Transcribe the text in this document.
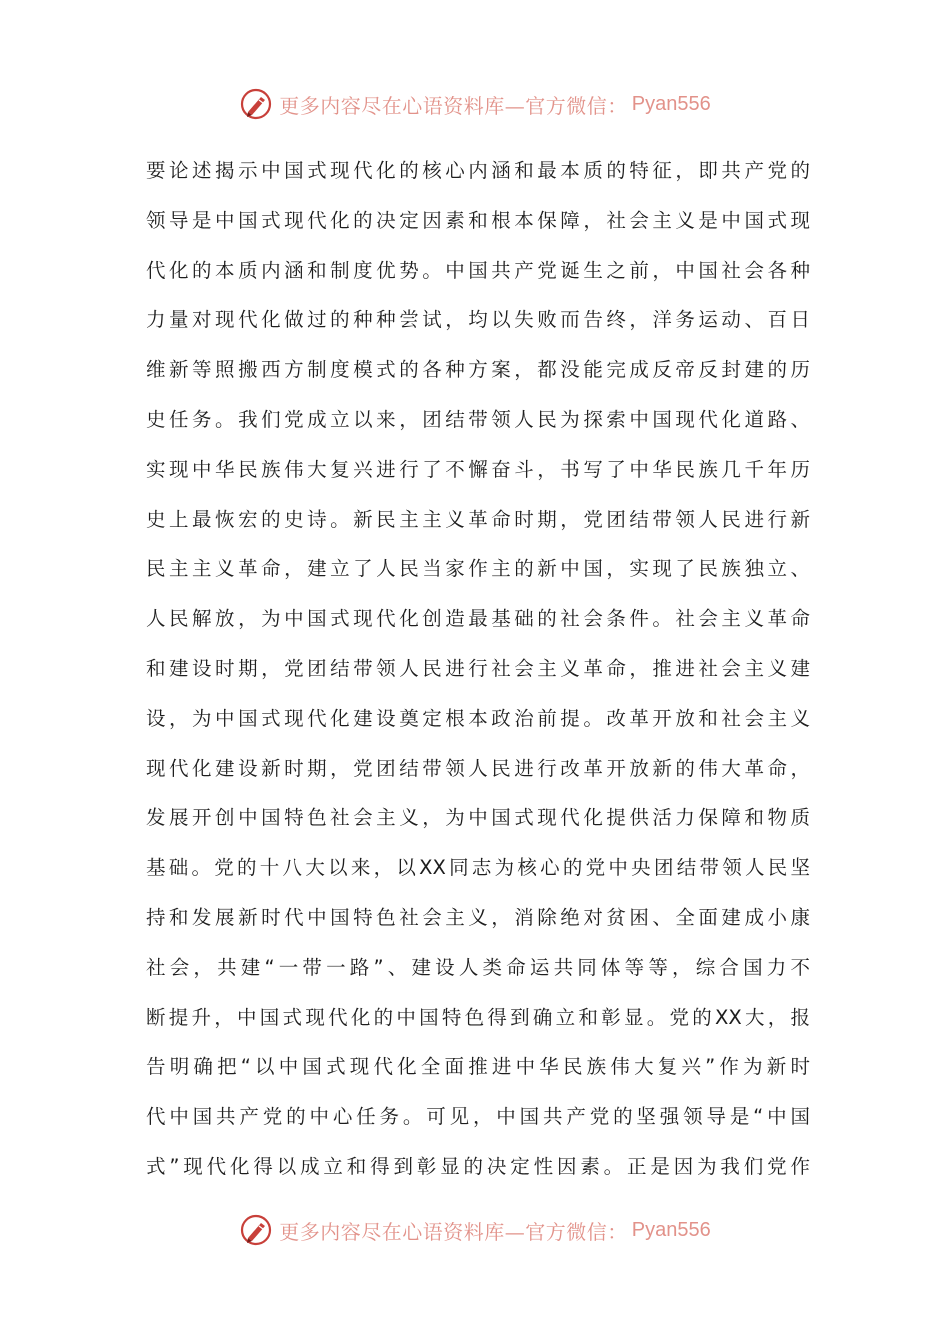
更多内容尽在心语资料库—官方微信： Pyan556
要论述揭示中国式现代化的核心内涵和最本质的特征，即共产党的
领导是中国式现代化的决定因素和根本保障，社会主义是中国式现
代化的本质内涵和制度优势。中国共产党诞生之前，中国社会各种
力量对现代化做过的种种尝试，均以失败而告终，洋务运动、百日
维新等照搬西方制度模式的各种方案，都没能完成反帝反封建的历
史任务。我们党成立以来，团结带领人民为探索中国现代化道路、
实现中华民族伟大复兴进行了不懈奋斗，书写了中华民族几千年历
史上最恢宏的史诗。新民主主义革命时期，党团结带领人民进行新
民主主义革命，建立了人民当家作主的新中国，实现了民族独立、
人民解放，为中国式现代化创造最基础的社会条件。社会主义革命
和建设时期，党团结带领人民进行社会主义革命，推进社会主义建
设，为中国式现代化建设奠定根本政治前提。改革开放和社会主义
现代化建设新时期，党团结带领人民进行改革开放新的伟大革命，
发展开创中国特色社会主义，为中国式现代化提供活力保障和物质
基础。党的十八大以来，以XX同志为核心的党中央团结带领人民坚
持和发展新时代中国特色社会主义，消除绝对贫困、全面建成小康
社会，共建“一带一路”、建设人类命运共同体等等，综合国力不
断提升，中国式现代化的中国特色得到确立和彰显。党的XX大，报
告明确把“以中国式现代化全面推进中华民族伟大复兴”作为新时
代中国共产党的中心任务。可见，中国共产党的坚强领导是“中国
式”现代化得以成立和得到彰显的决定性因素。正是因为我们党作
更多内容尽在心语资料库—官方微信： Pyan556
